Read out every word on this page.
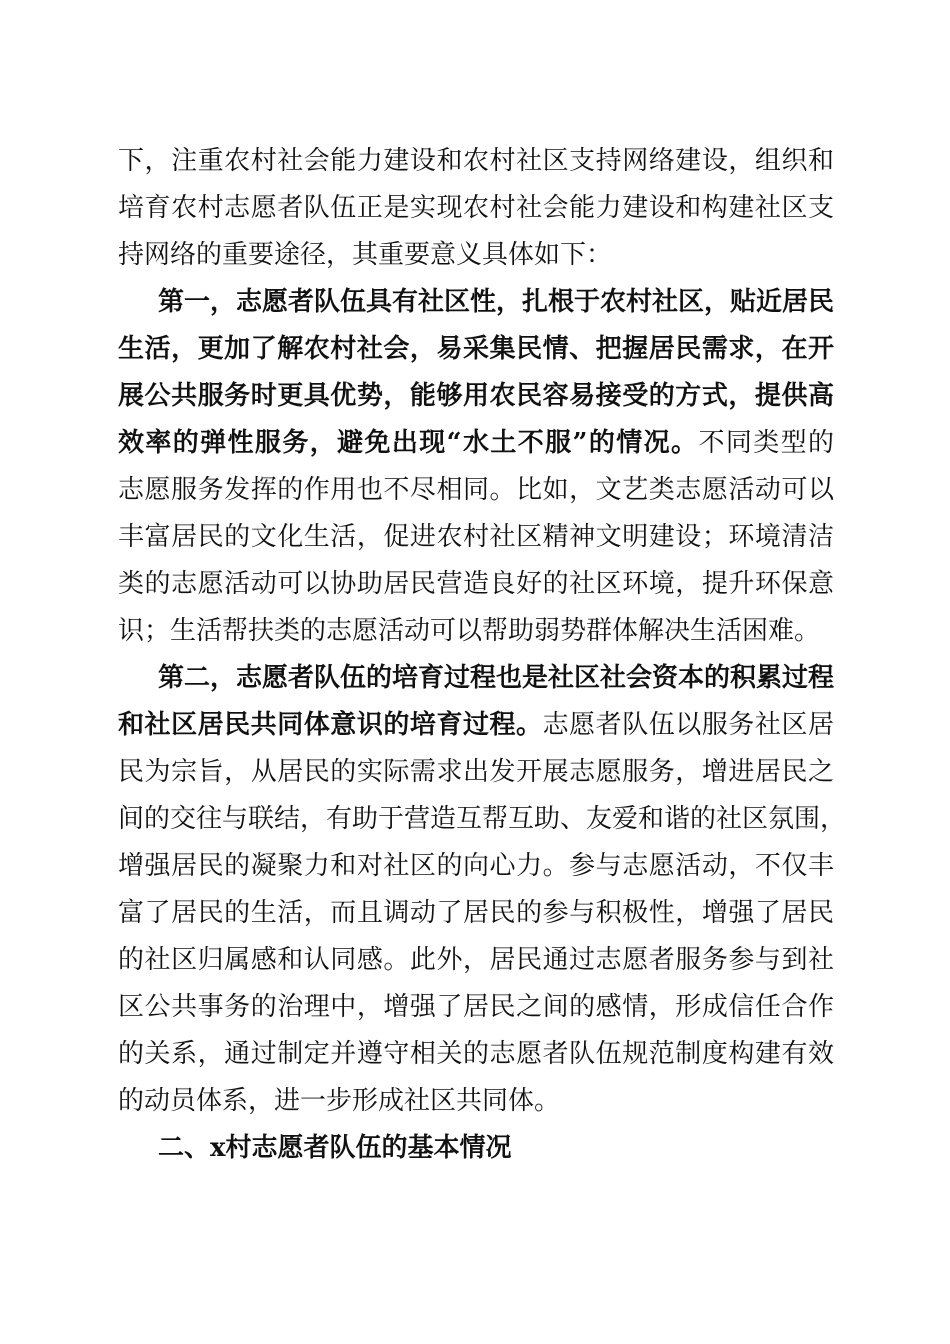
下，注重农村社会能力建设和农村社区支持网络建设，组织和
培育农村志愿者队伍正是实现农村社会能力建设和构建社区支
持网络的重要途径，其重要意义具体如下：
第一，志愿者队伍具有社区性，扎根于农村社区，贴近居民
生活，更加了解农村社会，易采集民情、把握居民需求，在开
展公共服务时更具优势，能够用农民容易接受的方式，提供高
效率的弹性服务，避免出现“水土不服”的情况。不同类型的
志愿服务发挥的作用也不尽相同。比如，文艺类志愿活动可以
丰富居民的文化生活，促进农村社区精神文明建设；环境清洁
类的志愿活动可以协助居民营造良好的社区环境，提升环保意
识；生活帮扶类的志愿活动可以帮助弱势群体解决生活困难。
第二，志愿者队伍的培育过程也是社区社会资本的积累过程
和社区居民共同体意识的培育过程。志愿者队伍以服务社区居
民为宗旨，从居民的实际需求出发开展志愿服务，增进居民之
间的交往与联结，有助于营造互帮互助、友爱和谐的社区氛围，
增强居民的凝聚力和对社区的向心力。参与志愿活动，不仅丰
富了居民的生活，而且调动了居民的参与积极性，增强了居民
的社区归属感和认同感。此外，居民通过志愿者服务参与到社
区公共事务的治理中，增强了居民之间的感情，形成信任合作
的关系，通过制定并遵守相关的志愿者队伍规范制度构建有效
的动员体系，进一步形成社区共同体。
二、x村志愿者队伍的基本情况
